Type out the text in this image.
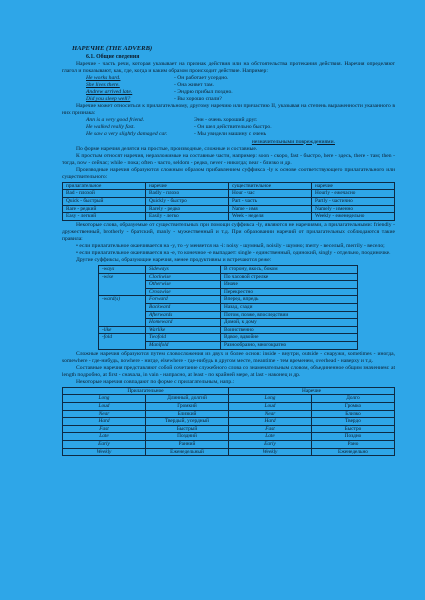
НАРЕЧИЕ (THE ADVERB)
6.1. Общие сведения

Наречие - часть речи, которая указывает на признак действия или на обстоятельства протекания действия. Наречия определяют глагол и показывают, как, где, когда и каким образом происходит действие. Например:

He works hard.	- Он работает усердно.
She lives there.	- Она живет там.
Andrew arrived late.	- Эндрю прибыл поздно.
Did you sleep well?	- Вы хорошо спали?

Наречие может относиться к прилагательному, другому наречию или причастию II, указывая на степень выраженности указанного в них признака:

Ann is a very good friend.	Энн - очень хороший друг.
He walked really fast.	- Он шел действительно быстро.
He saw a very slightly damaged car.	- Мы увидели машину с очень
незначительными повреждениями.

По форме наречия делятся на простые, производные, сложные и составные.

К простым относят наречия, неразложимые на составные части, например: soon - скоро, fast - быстро, here - здесь, there - там; then - тогда, now - сейчас; while - пока; often - часто, seldom - редко, never - никогда; near - близко и др.

Производные наречия образуются сложным образом прибавлением суффикса -ly к основе соответствующего прилагательного или существительного:

прилагательное	наречие	существительное	наречие
Bad - плохой	Badly - плохо	Hour - час	Hourly - ежечасно
Quick - быстрый	Quickly - быстро	Part - часть	Partly - частично
Rare - редкий	Rarely - редко	Name - имя	Namely - именно
Easy - легкий	Easily - легко	Week - неделя	Weekly - еженедельно

Некоторые слова, образуемые от существительных при помощи суффикса -ly, являются не наречиями, а прилагательными: friendly - дружественный, brotherly - братский, manly - мужественный и т.д. При образовании наречий от прилагательных соблюдаются такие правила:

• если прилагательное оканчивается на -y, то -y меняется на -i: noisy - шумный, noisily - шумно; merry - веселый, merrily - весело;

• если прилагательное оканчивается на -e, то конечное -e выпадает: single - единственный, одинокий, singly - отдельно, поодиночке.

Другие суффиксы, образующие наречия, менее продуктивны и встречаются реже:

-ways	Sideways	В сторону, вкось, боком
-wise	Clockwise	По часовой стрелке
	Otherwise	Иначе
	Crosswise	Перекрестно
-ward(s)	Forward	Вперед, впредь
	Backward	Назад, сзади
	Afterwards	Потом, позже, впоследствии
	Homeward	Домой, к дому
-like	Warlike	Воинственно
-fold	Twofold	Вдвое, вдвойне
	Manifold	Разнообразно, многократно

Сложные наречия образуются путем словосложения из двух и более основ: inside - внутри, outside - снаружи, sometimes - иногда, somewhere - где-нибудь, nowhere - нигде, elsewhere - где-нибудь в другом месте, meantime - тем временем, overhead - наверху и т.д.

Составные наречия представляют собой сочетание служебного слова со знаменательным словом, объединенное общим значением: at length подробно, at first - сначала, in vain - напрасно, at least - по крайней мере, at last - наконец и др.

Некоторые наречия совпадают по форме с прилагательным, напр.:

Прилагательное		Наречие	
Long	Длинный, долгий	Long	Долго
Loud	Громкий	Loud	Громко
Near	Близкий	Near	Близко
Hard	Твердый, усердный	Hard	Твердо
Fast	Быстрый	Fast	Быстро
Late	Поздний	Late	Поздно
Early	Ранний	Early	Рано
Weekly	Еженедельный	Weekly	Еженедельно
